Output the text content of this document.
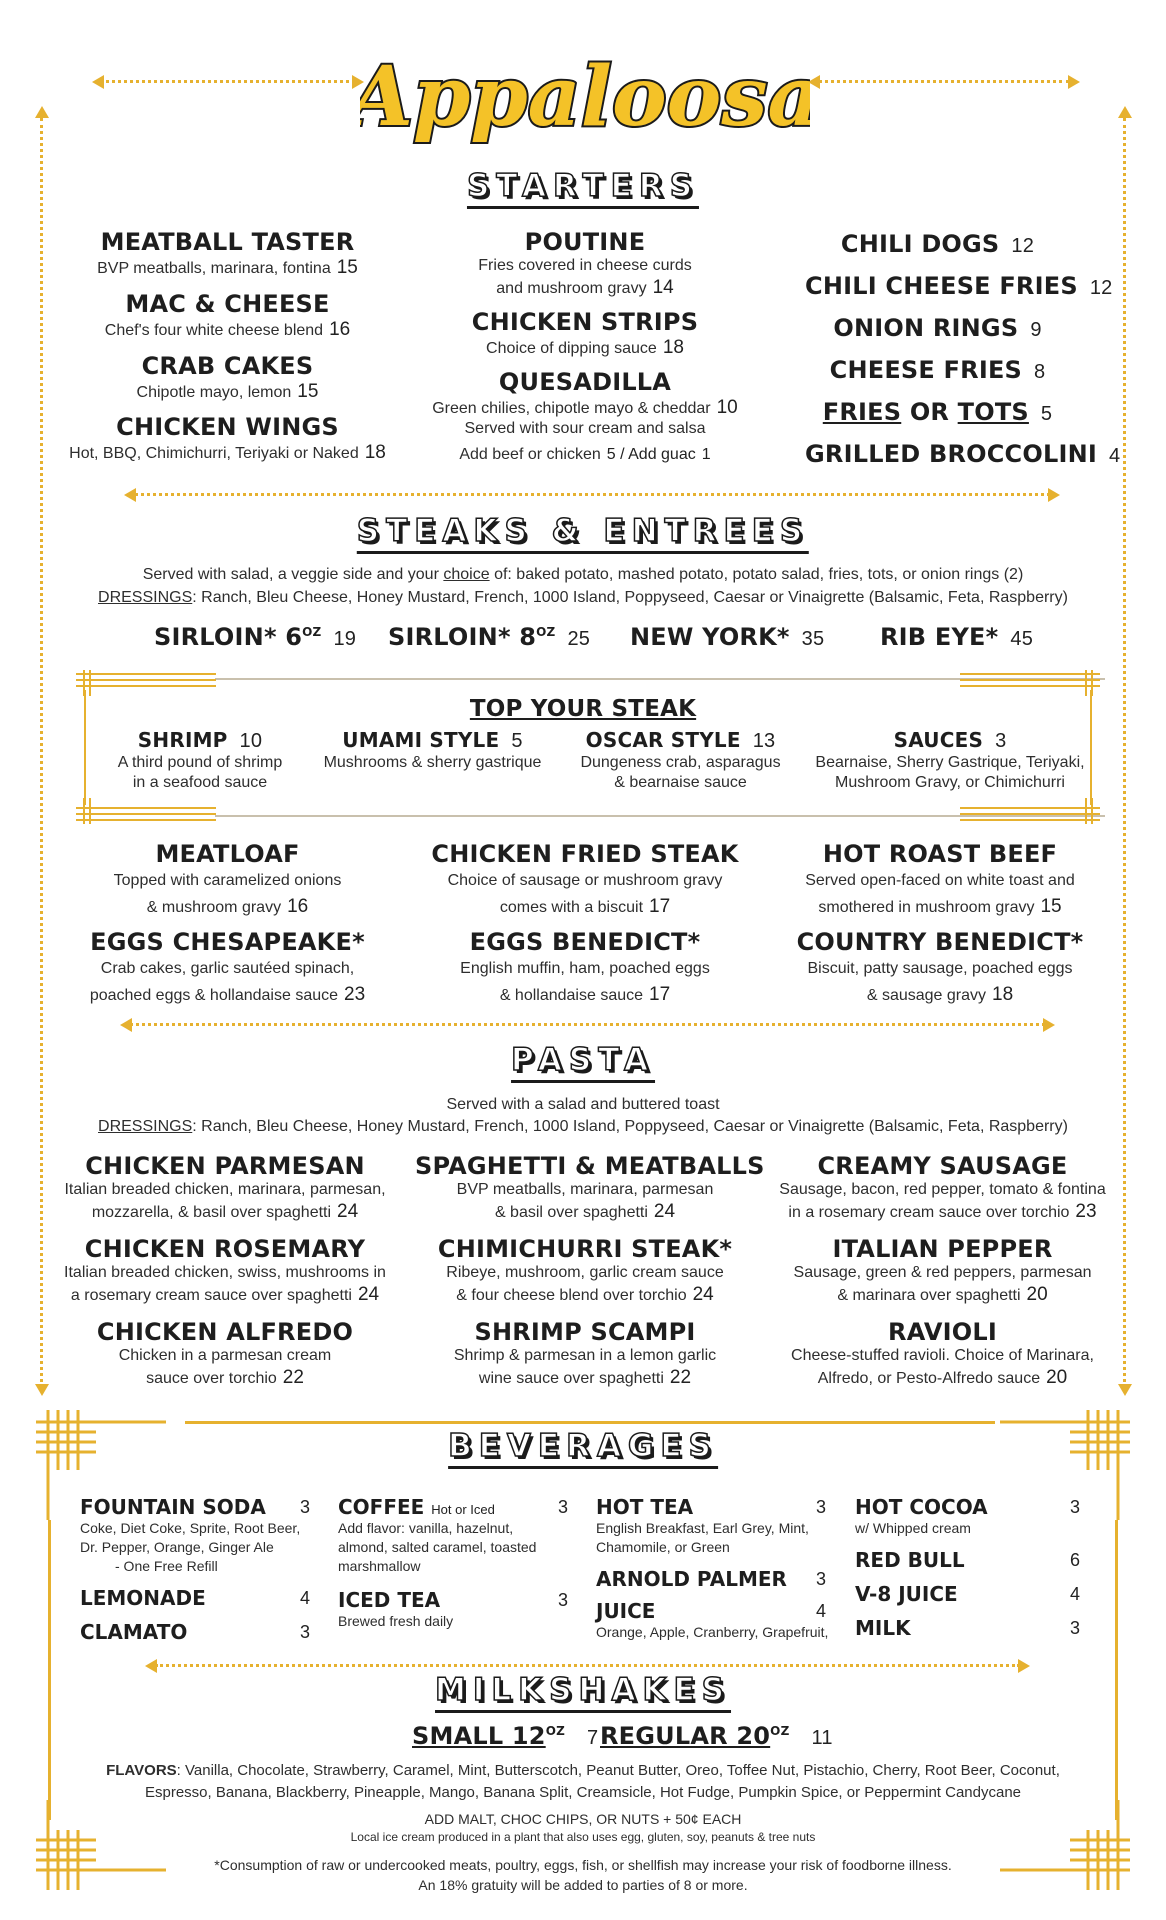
Appaloosa
STARTERS
MEATBALL TASTER
BVP meatballs, marinara, fontina 15
MAC & CHEESE
Chef's four white cheese blend 16
CRAB CAKES
Chipotle mayo, lemon 15
CHICKEN WINGS
Hot, BBQ, Chimichurri, Teriyaki or Naked 18
POUTINE
Fries covered in cheese curds
and mushroom gravy 14
CHICKEN STRIPS
Choice of dipping sauce 18
QUESADILLA
Green chilies, chipotle mayo & cheddar 10
Served with sour cream and salsa
Add beef or chicken 5 / Add guac 1
CHILI DOGS 12
CHILI CHEESE FRIES 12
ONION RINGS 9
CHEESE FRIES 8
FRIES OR TOTS 5
GRILLED BROCCOLINI 4
STEAKS & ENTREES
Served with salad, a veggie side and your choice of: baked potato, mashed potato, potato salad, fries, tots, or onion rings (2)
DRESSINGS: Ranch, Bleu Cheese, Honey Mustard, French, 1000 Island, Poppyseed, Caesar or Vinaigrette (Balsamic, Feta, Raspberry)
SIRLOIN* $6^{OZ}$ 19 SIRLOIN* $8^{OZ}$ 25 NEW YORK* 35 RIB EYE* 45
TOP YOUR STEAK
SHRIMP 10
A third pound of shrimp
in a seafood sauce
UMAMI STYLE 5
Mushrooms & sherry gastrique
OSCAR STYLE 13
Dungeness crab, asparagus
& bearnaise sauce
SAUCES 3
Bearnaise, Sherry Gastrique, Teriyaki,
Mushroom Gravy, or Chimichurri
MEATLOAF
Topped with caramelized onions
& mushroom gravy 16
CHICKEN FRIED STEAK
Choice of sausage or mushroom gravy
comes with a biscuit 17
HOT ROAST BEEF
Served open-faced on white toast and
smothered in mushroom gravy 15
EGGS CHESAPEAKE*
Crab cakes, garlic sautéed spinach,
poached eggs & hollandaise sauce 23
EGGS BENEDICT*
English muffin, ham, poached eggs
& hollandaise sauce 17
COUNTRY BENEDICT*
Biscuit, patty sausage, poached eggs
& sausage gravy 18
PASTA
Served with a salad and buttered toast
DRESSINGS: Ranch, Bleu Cheese, Honey Mustard, French, 1000 Island, Poppyseed, Caesar or Vinaigrette (Balsamic, Feta, Raspberry)
CHICKEN PARMESAN
Italian breaded chicken, marinara, parmesan,
mozzarella, & basil over spaghetti 24
SPAGHETTI & MEATBALLS
BVP meatballs, marinara, parmesan
& basil over spaghetti 24
CREAMY SAUSAGE
Sausage, bacon, red pepper, tomato & fontina
in a rosemary cream sauce over torchio 23
CHICKEN ROSEMARY
Italian breaded chicken, swiss, mushrooms in
a rosemary cream sauce over spaghetti 24
CHIMICHURRI STEAK*
Ribeye, mushroom, garlic cream sauce
& four cheese blend over torchio 24
ITALIAN PEPPER
Sausage, green & red peppers, parmesan
& marinara over spaghetti 20
CHICKEN ALFREDO
Chicken in a parmesan cream
sauce over torchio 22
SHRIMP SCAMPI
Shrimp & parmesan in a lemon garlic
wine sauce over spaghetti 22
RAVIOLI
Cheese-stuffed ravioli. Choice of Marinara,
Alfredo, or Pesto-Alfredo sauce 20
BEVERAGES
FOUNTAIN SODA	3
Coke, Diet Coke, Sprite, Root Beer,
Dr. Pepper, Orange, Ginger Ale
- One Free Refill
LEMONADE	4
CLAMATO	3
COFFEE Hot or Iced	3
Add flavor: vanilla, hazelnut,
almond, salted caramel, toasted
marshmallow
ICED TEA	3
Brewed fresh daily
HOT TEA	3
English Breakfast, Earl Grey, Mint,
Chamomile, or Green
ARNOLD PALMER	3
JUICE	4
Orange, Apple, Cranberry, Grapefruit,
HOT COCOA	3
w/ Whipped cream
RED BULL	6
V-8 JUICE	4
MILK	3
MILKSHAKES
SMALL $12^{OZ}$ 7 REGULAR $20^{OZ}$ 11
FLAVORS: Vanilla, Chocolate, Strawberry, Caramel, Mint, Butterscotch, Peanut Butter, Oreo, Toffee Nut, Pistachio, Cherry, Root Beer, Coconut,
Espresso, Banana, Blackberry, Pineapple, Mango, Banana Split, Creamsicle, Hot Fudge, Pumpkin Spice, or Peppermint Candycane
ADD MALT, CHOC CHIPS, OR NUTS + 50¢ EACH
Local ice cream produced in a plant that also uses egg, gluten, soy, peanuts & tree nuts
*Consumption of raw or undercooked meats, poultry, eggs, fish, or shellfish may increase your risk of foodborne illness.
An 18% gratuity will be added to parties of 8 or more.
